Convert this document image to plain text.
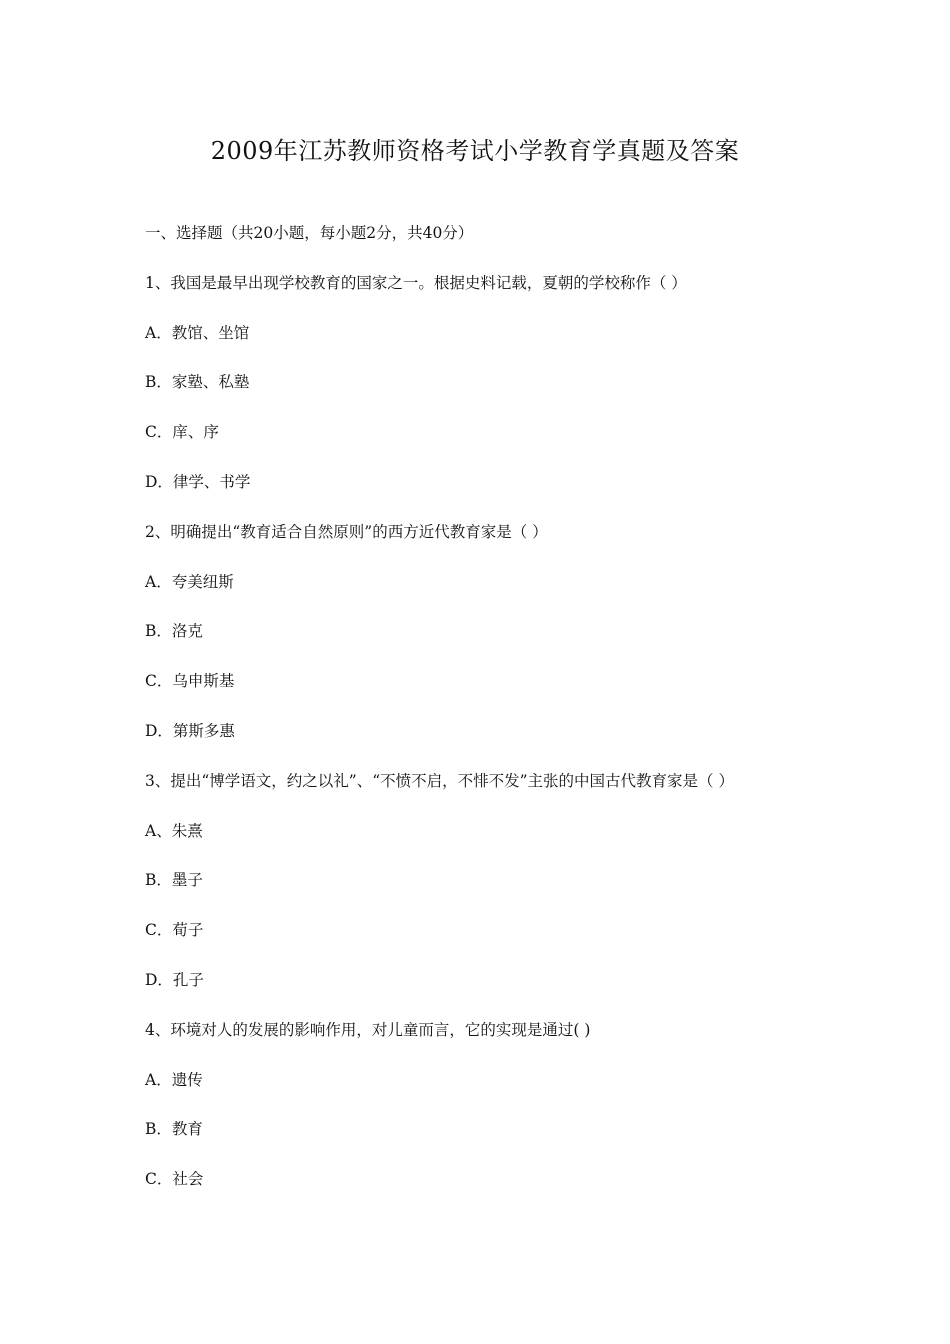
2009年江苏教师资格考试小学教育学真题及答案
一、选择题（共20小题，每小题2分，共40分）
1、我国是最早出现学校教育的国家之一。根据史料记载，夏朝的学校称作（ ）
A．教馆、坐馆
B．家塾、私塾
C．庠、序
D．律学、书学
2、明确提出“教育适合自然原则”的西方近代教育家是（ ）
A．夸美纽斯
B．洛克
C．乌申斯基
D．第斯多惠
3、提出“博学语文，约之以礼”、“不愤不启，不悱不发”主张的中国古代教育家是（ ）
A、朱熹
B．墨子
C．荀子
D．孔子
4、环境对人的发展的影响作用，对儿童而言，它的实现是通过( )
A．遗传
B．教育
C．社会
